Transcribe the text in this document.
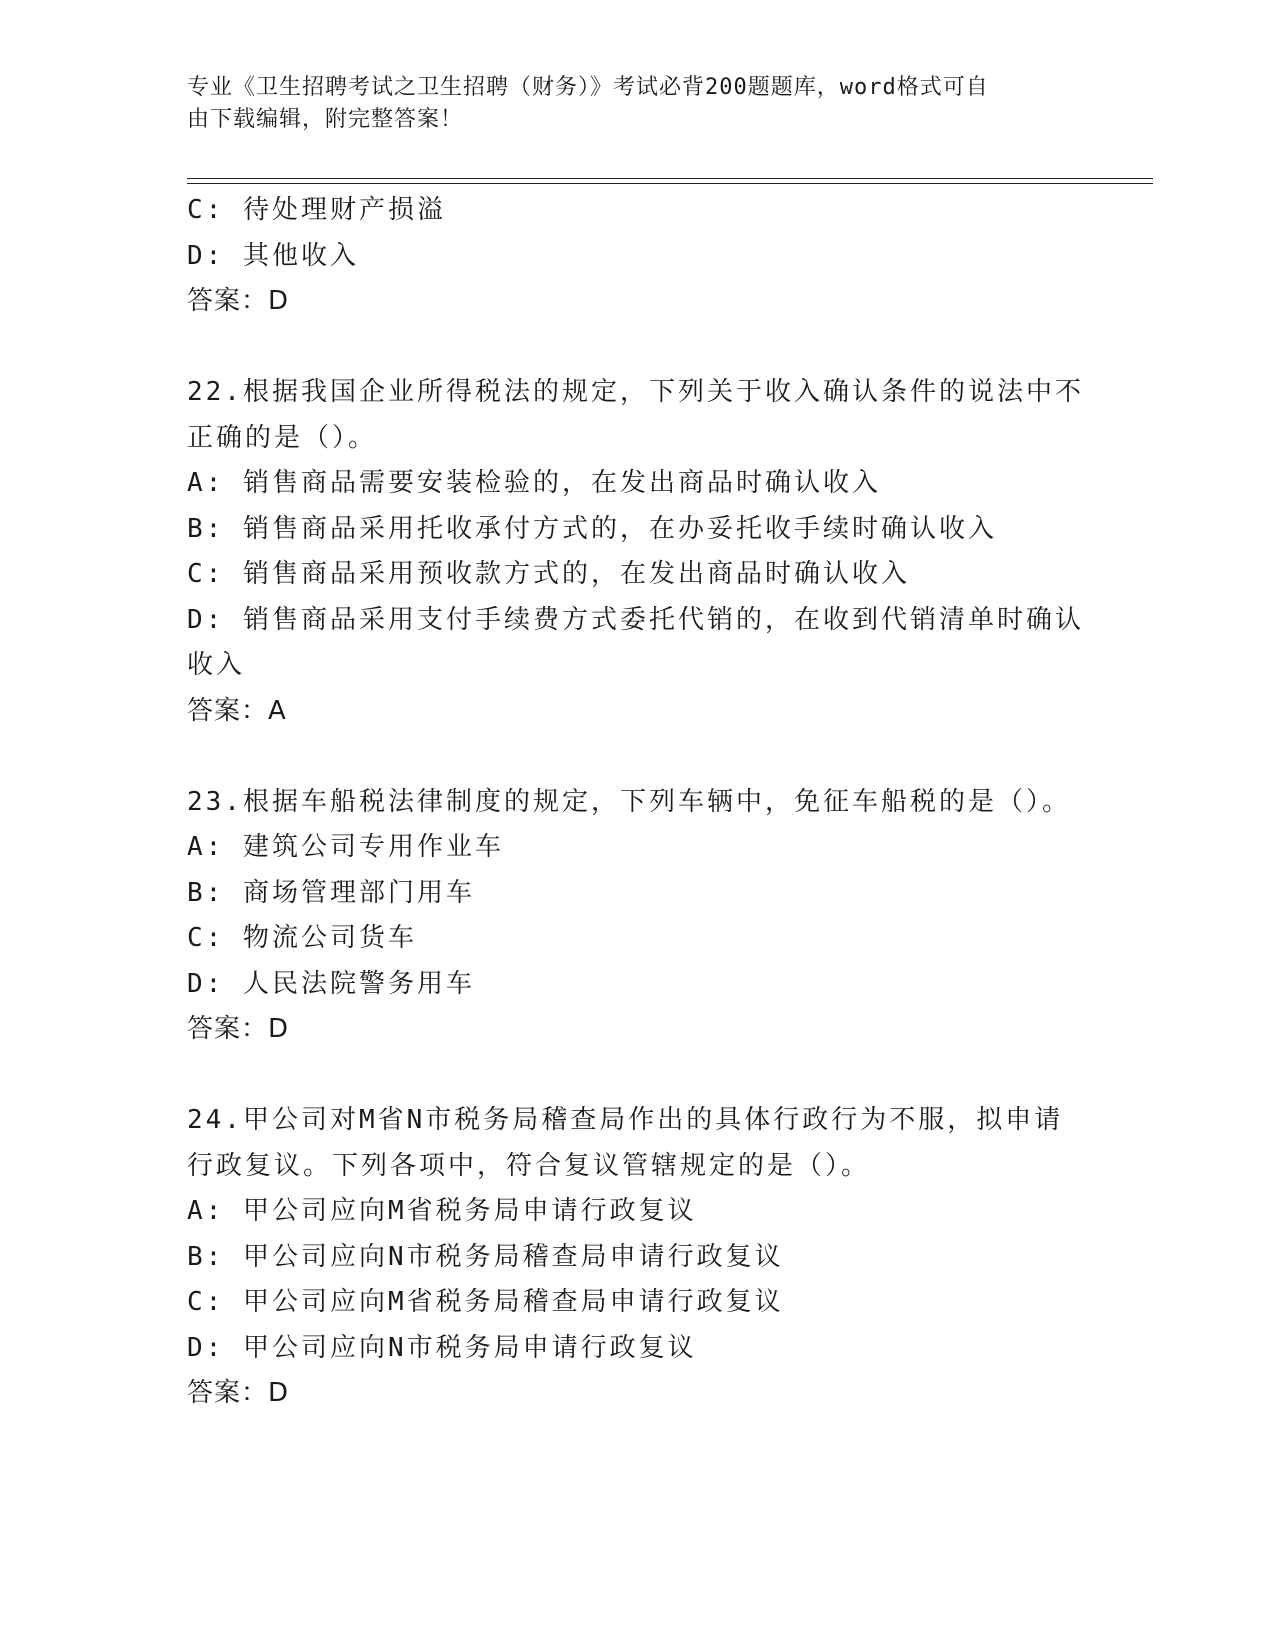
专业《卫生招聘考试之卫生招聘（财务）》考试必背200题题库，word格式可自
由下载编辑，附完整答案！
C: 待处理财产损溢
D: 其他收入
答案：D
22.根据我国企业所得税法的规定，下列关于收入确认条件的说法中不
正确的是（）。
A: 销售商品需要安装检验的，在发出商品时确认收入
B: 销售商品采用托收承付方式的，在办妥托收手续时确认收入
C: 销售商品采用预收款方式的，在发出商品时确认收入
D: 销售商品采用支付手续费方式委托代销的，在收到代销清单时确认
收入
答案：A
23.根据车船税法律制度的规定，下列车辆中，免征车船税的是（）。
A: 建筑公司专用作业车
B: 商场管理部门用车
C: 物流公司货车
D: 人民法院警务用车
答案：D
24.甲公司对M省N市税务局稽查局作出的具体行政行为不服，拟申请
行政复议。下列各项中，符合复议管辖规定的是（）。
A: 甲公司应向M省税务局申请行政复议
B: 甲公司应向N市税务局稽查局申请行政复议
C: 甲公司应向M省税务局稽查局申请行政复议
D: 甲公司应向N市税务局申请行政复议
答案：D
